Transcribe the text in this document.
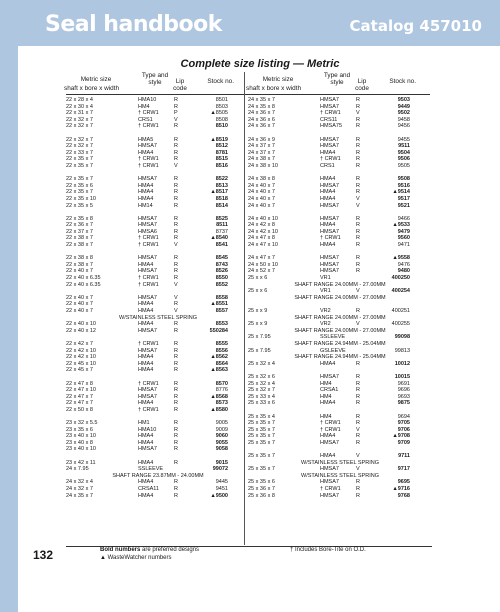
Seal handbook	Catalog 457010
Complete size listing — Metric
Metric size
shaft x bore x width
Type and style	Lip code
Stock no.
22 x 28 x 4	HMA10	R	8501
22 x 30 x 4	HM4	R	8503
22 x 31 x 7	† CRW1	P	▲8505
22 x 32 x 7	CRS1	V	8508
22 x 32 x 7	† CRW1	R	8510
22 x 32 x 7	HMA5	R	▲8519
22 x 32 x 7	HMSA7	R	8512
22 x 33 x 7	HMA4	R	8781
22 x 35 x 7	† CRW1	R	8515
22 x 35 x 7	† CRW1	V	8516
22 x 35 x 7	HMSA7	R	8522
22 x 35 x 6	HMA4	R	8513
22 x 35 x 7	HMA4	R	▲8517
22 x 35 x 10	HMA4	R	8518
22 x 35 x 5	HM14	R	8514
22 x 35 x 8	HMSA7	R	8525
22 x 36 x 7	HMSA7	R	8511
22 x 37 x 7	HMSA6	R	8737
22 x 38 x 7	† CRW1	R	▲8540
22 x 38 x 7	† CRW1	V	8541
22 x 38 x 8	HMSA7	R	8545
22 x 38 x 7	HMA4	R	8743
22 x 40 x 7	HMSA7	R	8526
22 x 40 x 6.35	† CRW1	R	8550
22 x 40 x 6.35	† CRW1	V	8552
22 x 40 x 7	HMSA7	V	8558
22 x 40 x 7	HMA4	R	▲8551
22 x 40 x 7	HMA4	V	8557
W/STAINLESS STEEL SPRING
22 x 40 x 10	HMA4	R	8553
22 x 40 x 12	HMSA7	R	550284
22 x 42 x 7	† CRW1	R	8555
22 x 42 x 10	HMSA7	R	8556
22 x 42 x 10	HMA4	R	▲8562
22 x 45 x 10	HMA4	R	8564
22 x 45 x 7	HMA4	R	▲8563
22 x 47 x 8	† CRW1	R	8570
22 x 47 x 10	HMSA7	R	8776
22 x 47 x 7	HMSA7	R	▲8568
22 x 47 x 7	HMA4	R	8573
22 x 50 x 8	† CRW1	R	▲8580
23 x 32 x 5.5	HM1	R	9005
23 x 35 x 6	HMA10	R	9009
23 x 40 x 10	HMA4	R	9060
23 x 40 x 8	HMA4	R	9055
23 x 40 x 10	HMSA7	R	9058
23 x 42 x 11	HMA4	R	9015
24 x 7.95	SSLEEVE	99072
SHAFT RANGE 23.87MM - 24.00MM
24 x 32 x 4	HMA4	R	9445
24 x 32 x 7	CRSA11	R	9451
24 x 35 x 7	HMA4	R	▲9500
Metric size
shaft x bore x width
Type and style	Lip code
Stock no.
24 x 35 x 7	HMSA7	R	9503
24 x 35 x 8	HMSA7	R	9449
24 x 36 x 7	† CRW1	V	9502
24 x 36 x 6	CRS11	R	9458
24 x 36 x 7	HMSA75	R	9456
24 x 36 x 9	HMSA7	R	9455
24 x 37 x 7	HMSA7	R	9511
24 x 37 x 7	HMA4	R	9504
24 x 38 x 7	† CRW1	R	9506
24 x 38 x 10	CRS1	R	9505
24 x 38 x 8	HMA4	R	9508
24 x 40 x 7	HMSA7	R	9516
24 x 40 x 7	HMA4	R	▲9514
24 x 40 x 7	HMA4	V	9517
24 x 40 x 7	HMSA7	V	9521
24 x 40 x 10	HMSA7	R	9466
24 x 42 x 8	HMA4	R	▲9533
24 x 42 x 10	HMSA7	R	9479
24 x 47 x 8	† CRW1	R	9560
24 x 47 x 10	HMA4	R	9471
24 x 47 x 7	HMSA7	R	▲9558
24 x 50 x 10	HMSA7	R	9476
24 x 52 x 7	HMSA7	R	9480
25 x x 6	VR1	400250
SHAFT RANGE 24.00MM - 27.00MM
25 x x 6	VR1	V	400254
SHAFT RANGE 24.00MM - 27.00MM
25 x x 9	VR2	R	400251
SHAFT RANGE 24.00MM - 27.00MM
25 x x 9	VR2	V	400255
SHAFT RANGE 24.00MM - 27.00MM
25 x 7.95	SSLEEVE	99098
SHAFT RANGE 24.94MM - 25.04MM
25 x 7.95	GSLEEVE	99813
SHAFT RANGE 24.94MM - 25.04MM
25 x 32 x 4	HMA4	R	10012
25 x 32 x 6	HMSA7	R	10015
25 x 32 x 4	HM4	R	9691
25 x 32 x 7	CRSA1	R	9696
25 x 33 x 4	HM4	R	9693
25 x 33 x 6	HMA4	R	9875
25 x 35 x 4	HM4	R	9694
25 x 35 x 7	† CRW1	R	9705
25 x 35 x 7	† CRW1	V	9706
25 x 35 x 7	HMA4	R	▲9708
25 x 35 x 7	HMSA7	R	9709
25 x 35 x 7	HMA4	V	9711
W/STAINLESS STEEL SPRING
25 x 35 x 7	HMSA7	V	9717
W/STAINLESS STEEL SPRING
25 x 35 x 6	HMSA7	R	9695
25 x 36 x 7	† CRW1	R	▲9716
25 x 36 x 8	HMSA7	R	9768
132	Bold numbers are preferred designs
▲ WasteWatcher numbers
† Includes Bore-Tite on O.D.
